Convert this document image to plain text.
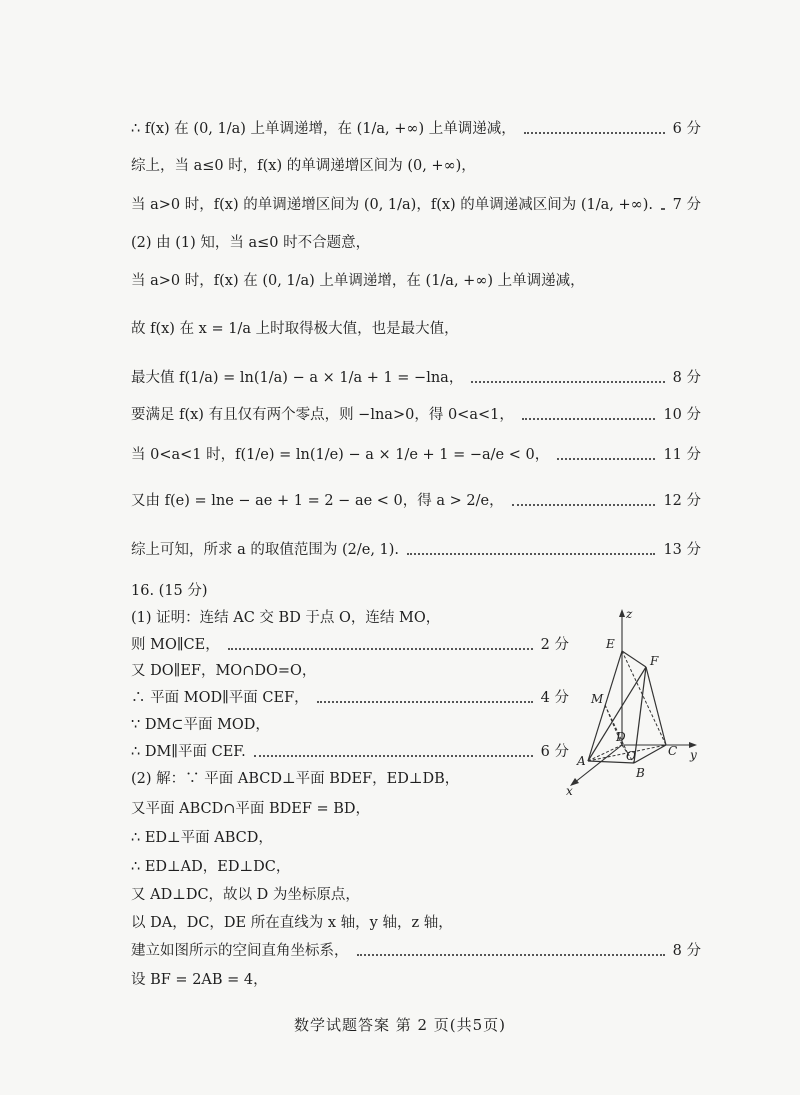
∴ f(x) 在 (0, 1/a) 上单调递增，在 (1/a, +∞) 上单调递减，	6 分
综上，当 a≤0 时，f(x) 的单调递增区间为 (0, +∞)，
当 a>0 时，f(x) 的单调递增区间为 (0, 1/a)，f(x) 的单调递减区间为 (1/a, +∞). 7 分
(2) 由 (1) 知，当 a≤0 时不合题意，
当 a>0 时，f(x) 在 (0, 1/a) 上单调递增，在 (1/a, +∞) 上单调递减，
故 f(x) 在 x = 1/a 上时取得极大值，也是最大值，
最大值 f(1/a) = ln(1/a) − a × 1/a + 1 = −lna，	8 分
要满足 f(x) 有且仅有两个零点，则 −lna>0，得 0<a<1，	10 分
当 0<a<1 时，f(1/e) = ln(1/e) − a × 1/e + 1 = −a/e < 0，	11 分
又由 f(e) = lne − ae + 1 = 2 − ae < 0，得 a > 2/e，	12 分
综上可知，所求 a 的取值范围为 (2/e, 1).	13 分
16. (15 分)
(1) 证明：连结 AC 交 BD 于点 O，连结 MO，
则 MO∥CE，	2 分
又 DO∥EF，MO∩DO=O，
∴ 平面 MOD∥平面 CEF，	4 分
∵ DM⊂平面 MOD，
∴ DM∥平面 CEF.	6 分
(2) 解：∵ 平面 ABCD⊥平面 BDEF，ED⊥DB，
又平面 ABCD∩平面 BDEF = BD，
∴ ED⊥平面 ABCD，
∴ ED⊥AD，ED⊥DC，
又 AD⊥DC，故以 D 为坐标原点，
以 DA，DC，DE 所在直线为 x 轴，y 轴，z 轴，
建立如图所示的空间直角坐标系，	8 分
设 BF = 2AB = 4，
z
E
F
M
D
O
A
B
C y
x
数学试题答案 第 2 页(共5页)
